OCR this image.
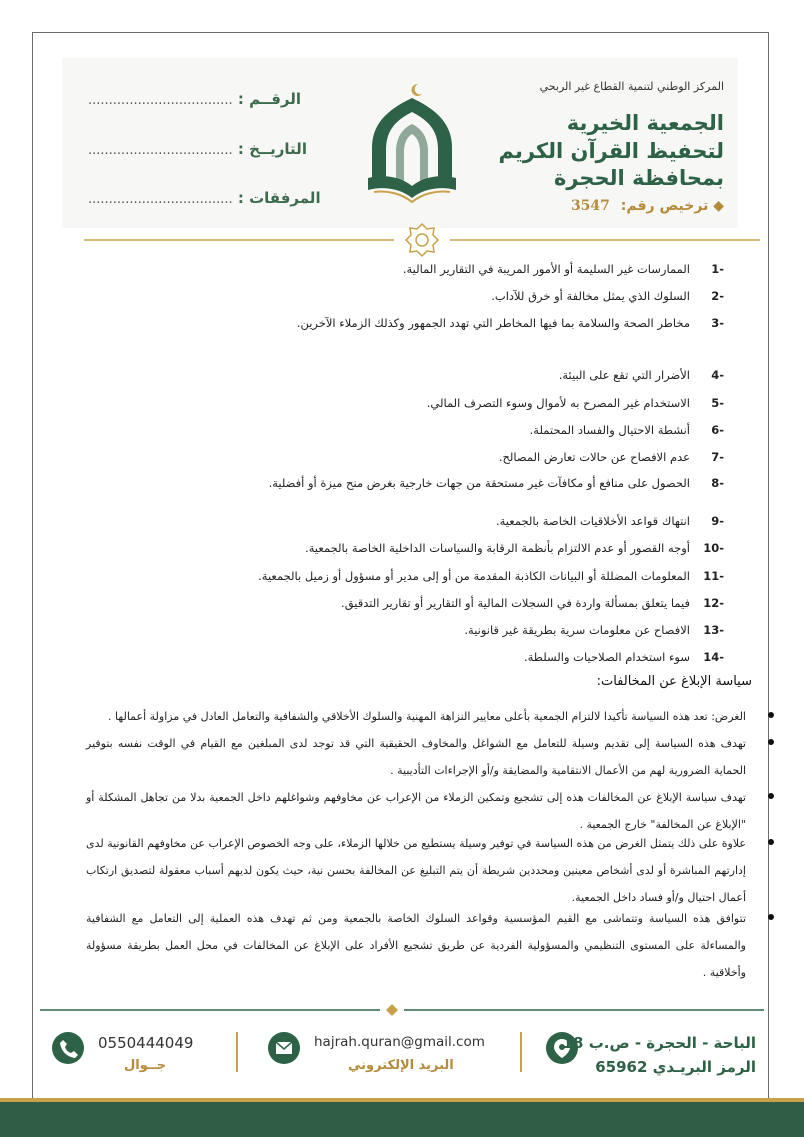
الرقــم : ...................................
التاريــخ : ...................................
المرفقات : ...................................
المركز الوطني لتنمية القطاع غير الربحي
الجمعية الخيرية
لتحفيظ القرآن الكريم
بمحافظة الحجرة
◆ ترخيص رقم: 3547
1-الممارسات غير السليمة أو الأمور المريبة في التقارير المالية.
2-السلوك الذي يمثل مخالفة أو خرق للآداب.
3-مخاطر الصحة والسلامة بما فيها المخاطر التي تهدد الجمهور وكذلك الزملاء الآخرين.
4-الأضرار التي تقع على البيئة.
5-الاستخدام غير المصرح به لأموال وسوء التصرف المالي.
6-أنشطة الاحتيال والفساد المحتملة.
7-عدم الافصاح عن حالات تعارض المصالح.
8-الحصول على منافع أو مكافآت غير مستحقة من جهات خارجية بغرض منح ميزة أو أفضلية.
9-انتهاك قواعد الأخلاقيات الخاصة بالجمعية.
10-أوجه القصور أو عدم الالتزام بأنظمة الرقابة والسياسات الداخلية الخاصة بالجمعية.
11-المعلومات المضللة أو البيانات الكاذبة المقدمة من أو إلى مدير أو مسؤول أو زميل بالجمعية.
12-فيما يتعلق بمسألة واردة في السجلات المالية أو التقارير أو تقارير التدقيق.
13-الافصاح عن معلومات سرية بطريقة غير قانونية.
14-سوء استخدام الصلاحيات والسلطة.
سياسة الإبلاغ عن المخالفات:
الغرض: تعد هذه السياسة تأكيدا لالتزام الجمعية بأعلى معايير النزاهة المهنية والسلوك الأخلاقي والشفافية والتعامل العادل في مزاولة أعمالها .
تهدف هذه السياسة إلى تقديم وسيلة للتعامل مع الشواغل والمخاوف الحقيقية التي قد توجد لدى المبلغين مع القيام في الوقت نفسه بتوفير الحماية الضرورية لهم من الأعمال الانتقامية والمضايقة و/أو الإجراءات التأديبية .
تهدف سياسة الإبلاغ عن المخالفات هذه إلى تشجيع وتمكين الزملاء من الإعراب عن مخاوفهم وشواغلهم داخل الجمعية بدلا من تجاهل المشكلة أو "الإبلاغ عن المخالفة" خارج الجمعية .
علاوة على ذلك يتمثل الغرض من هذه السياسة في توفير وسيلة يستطيع من خلالها الزملاء، على وجه الخصوص الإعراب عن مخاوفهم القانونية لدى إدارتهم المباشرة أو لدى أشخاص معينين ومحددين شريطة أن يتم التبليغ عن المخالفة بحسن نية، حيث يكون لديهم أسباب معقولة لتصديق ارتكاب أعمال احتيال و/أو فساد داخل الجمعية.
تتوافق هذه السياسة وتتماشى مع القيم المؤسسية وقواعد السلوك الخاصة بالجمعية ومن ثم تهدف هذه العملية إلى التعامل مع الشفافية والمساءلة على المستوى التنظيمي والمسؤولية الفردية عن طريق تشجيع الأفراد على الإبلاغ عن المخالفات في محل العمل بطريقة مسؤولة وأخلاقية .
0550444049
جــوال
hajrah.quran@gmail.com
البريد الإلكتروني
الباحة - الحجرة - ص.ب 18
الرمز البريـدي 65962
